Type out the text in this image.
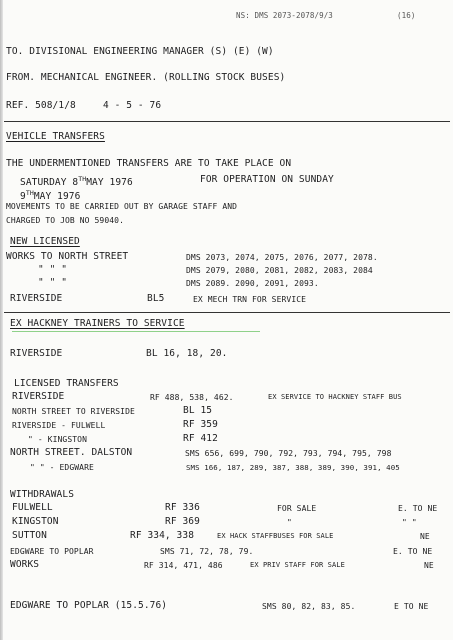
NS: DMS 2073-2078/9/3	(16)
TO. DIVISIONAL ENGINEERING MANAGER (S) (E) (W)
FROM. MECHANICAL ENGINEER. (ROLLING STOCK BUSES)
REF. 508/1/8	4 - 5 - 76
VEHICLE TRANSFERS
THE UNDERMENTIONED TRANSFERS ARE TO TAKE PLACE ON
SATURDAY 8THMAY 1976	FOR OPERATION ON SUNDAY
9THMAY 1976
MOVEMENTS TO BE CARRIED OUT BY GARAGE STAFF AND
CHARGED TO JOB NO 59040.
NEW LICENSED
WORKS TO NORTH STREET	DMS 2073, 2074, 2075, 2076, 2077, 2078.
" " "	DMS 2079, 2080, 2081, 2082, 2083, 2084
" " "	DMS 2089. 2090, 2091, 2093.
RIVERSIDE	BL5	EX MECH TRN FOR SERVICE
EX HACKNEY TRAINERS TO SERVICE
RIVERSIDE	BL 16, 18, 20.
LICENSED TRANSFERS
RIVERSIDE	RF 488, 538, 462.	EX SERVICE TO HACKNEY STAFF BUS
NORTH STREET TO RIVERSIDE	BL 15
RIVERSIDE - FULWELL	RF 359
" - KINGSTON	RF 412
NORTH STREET. DALSTON	SMS 656, 699, 790, 792, 793, 794, 795, 798
" " - EDGWARE	SMS 166, 187, 289, 387, 388, 389, 390, 391, 405
WITHDRAWALS
FULWELL	RF 336	FOR SALE	E. TO NE
KINGSTON	RF 369	"	" "
SUTTON	RF 334, 338	EX HACK STAFFBUSES FOR SALE	NE
EDGWARE TO POPLAR	SMS 71, 72, 78, 79.	E. TO NE
WORKS	RF 314, 471, 486	EX PRIV STAFF FOR SALE	NE
EDGWARE TO POPLAR (15.5.76)	SMS 80, 82, 83, 85.	E TO NE
